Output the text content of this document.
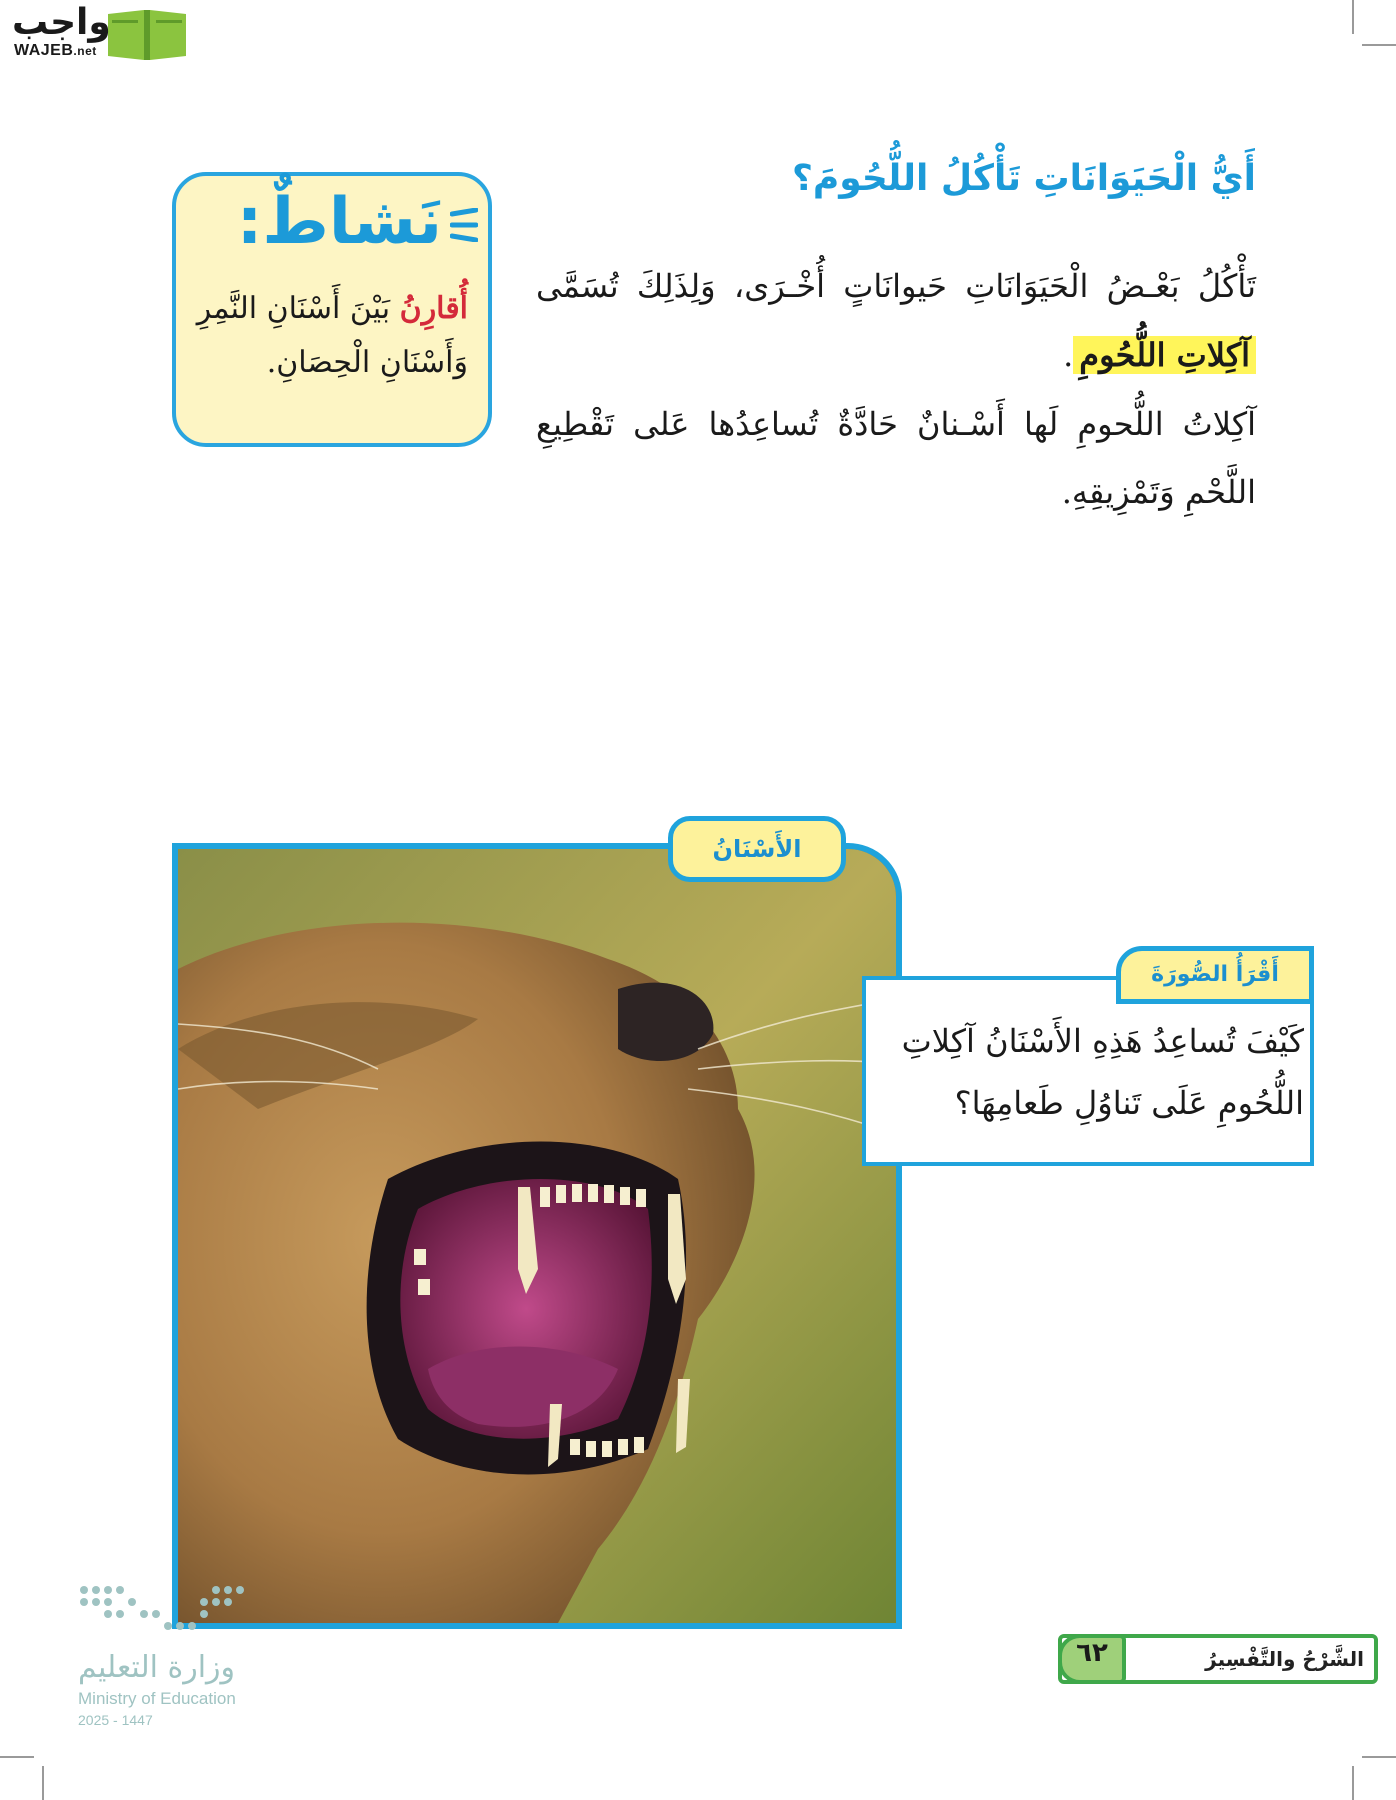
واجب
WAJEB.net
نَشاطٌ:
أُقارِنُ بَيْنَ أَسْنَانِ النَّمِرِ وَأَسْنَانِ الْحِصَانِ.
أَيُّ الْحَيَوَانَاتِ تَأْكُلُ اللُّحُومَ؟

تَأْكُلُ بَعْـضُ الْحَيَوَانَاتِ حَيوانَاتٍ أُخْـرَى، وَلِذَلِكَ تُسَمَّى آكِلاتِ اللُّحُومِ.

آكِلاتُ اللُّحومِ لَها أَسْـنانٌ حَادَّةٌ تُساعِدُها عَلى تَقْطِيعِ اللَّحْمِ وَتَمْزِيقِهِ.

الأَسْنَانُ
أَقْرَأُ الصُّورَةَ
كَيْفَ تُساعِدُ هَذِهِ الأَسْنَانُ آكِلاتِ اللُّحُومِ عَلَى تَناوُلِ طَعامِهَا؟
٦٢	الشَّرْحُ والتَّفْسِيرُ
وزارة التعليم
Ministry of Education
2025 - 1447
